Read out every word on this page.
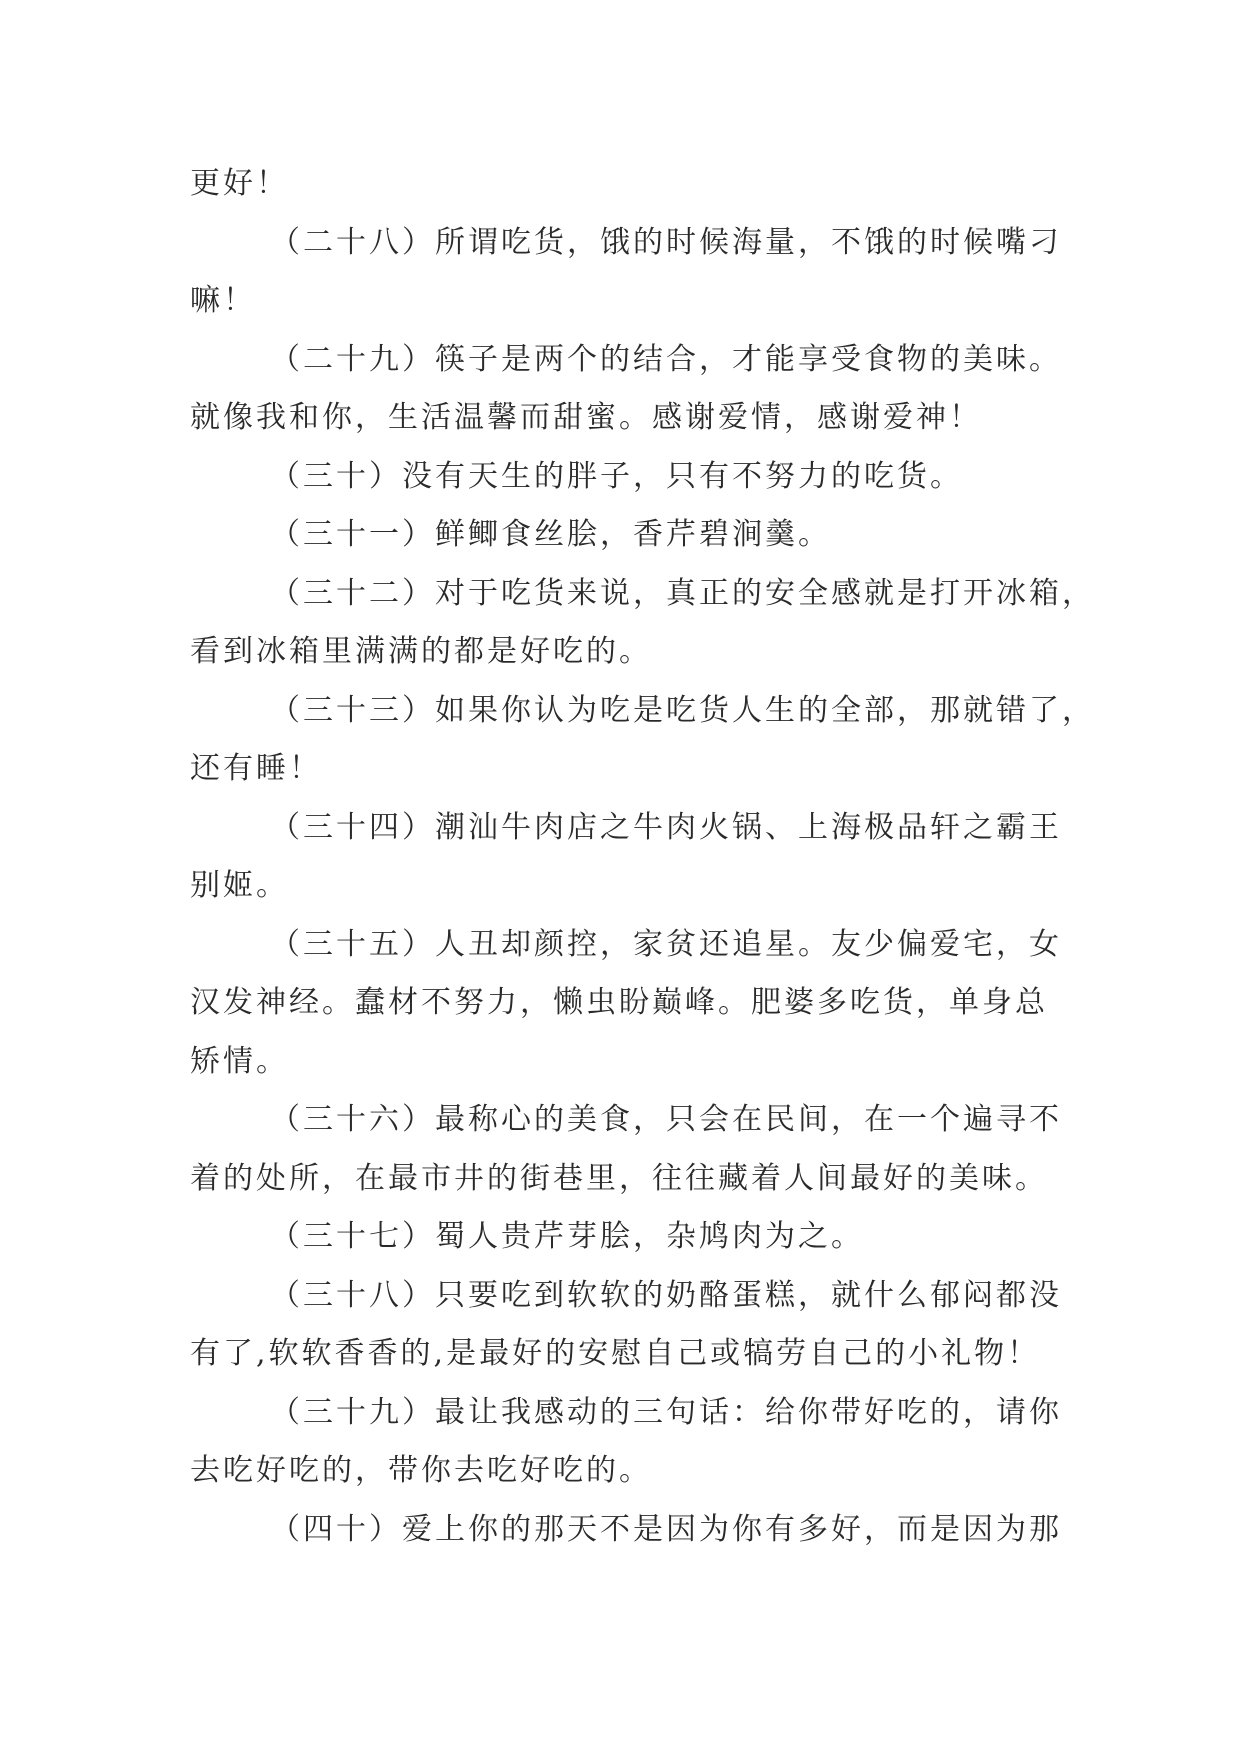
更好！
（二十八）所谓吃货，饿的时候海量，不饿的时候嘴刁
嘛！
（二十九）筷子是两个的结合，才能享受食物的美味。
就像我和你，生活温馨而甜蜜。感谢爱情，感谢爱神！
（三十）没有天生的胖子，只有不努力的吃货。
（三十一）鲜鲫食丝脍，香芹碧涧羹。
（三十二）对于吃货来说，真正的安全感就是打开冰箱，
看到冰箱里满满的都是好吃的。
（三十三）如果你认为吃是吃货人生的全部，那就错了，
还有睡！
（三十四）潮汕牛肉店之牛肉火锅、上海极品轩之霸王
别姬。
（三十五）人丑却颜控，家贫还追星。友少偏爱宅，女
汉发神经。蠢材不努力，懒虫盼巅峰。肥婆多吃货，单身总
矫情。
（三十六）最称心的美食，只会在民间，在一个遍寻不
着的处所，在最市井的街巷里，往往藏着人间最好的美味。
（三十七）蜀人贵芹芽脍，杂鸠肉为之。
（三十八）只要吃到软软的奶酪蛋糕，就什么郁闷都没
有了,软软香香的,是最好的安慰自己或犒劳自己的小礼物！
（三十九）最让我感动的三句话：给你带好吃的，请你
去吃好吃的，带你去吃好吃的。
（四十）爱上你的那天不是因为你有多好，而是因为那
